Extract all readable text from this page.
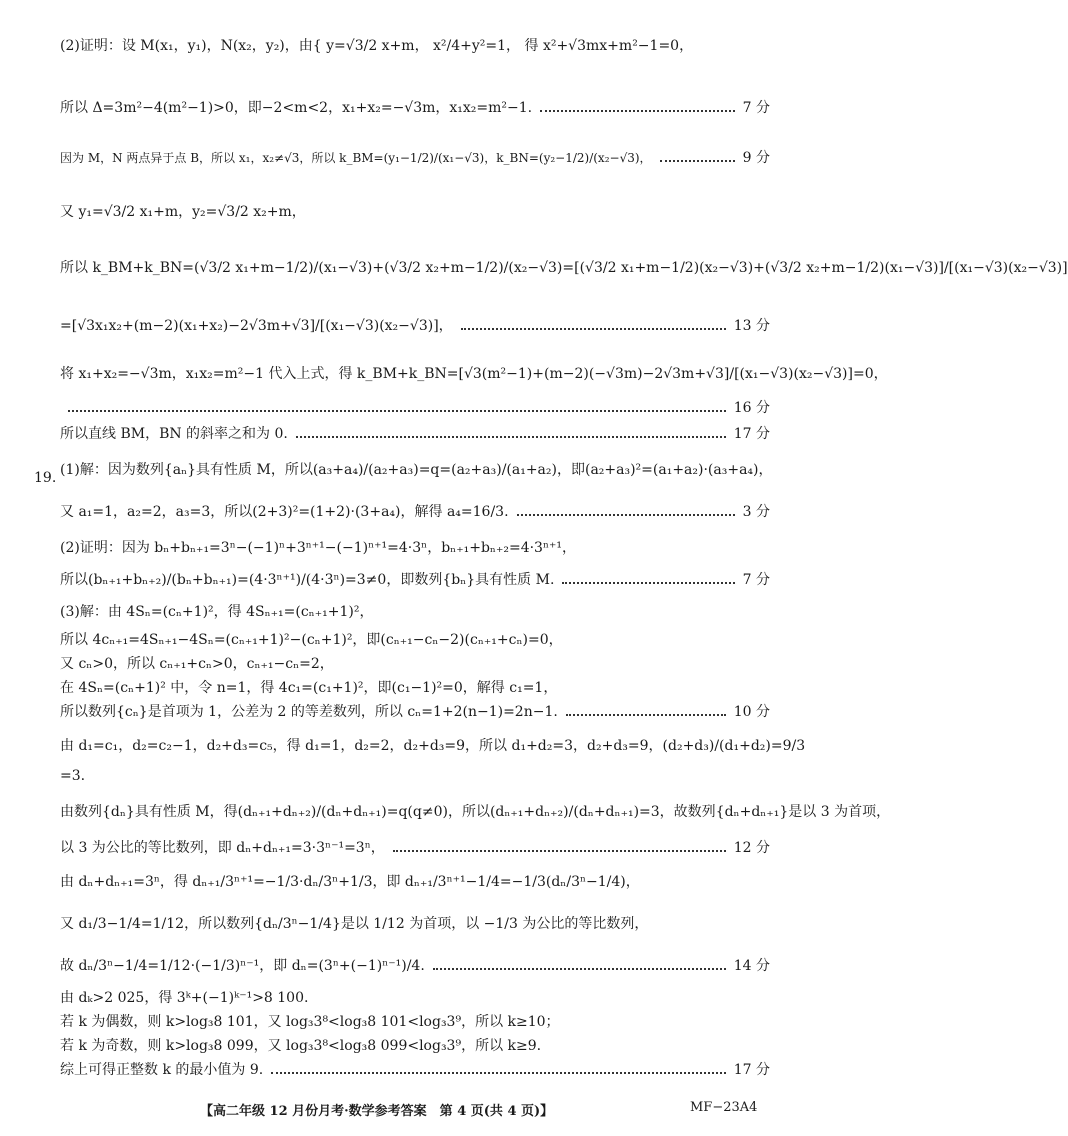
(2)证明：设 M(x₁，y₁)，N(x₂，y₂)，由{ y=√3/2 x+m， x²/4+y²=1， 得 x²+√3mx+m²−1=0，
所以 Δ=3m²−4(m²−1)>0，即−2<m<2，x₁+x₂=−√3m，x₁x₂=m²−1.	7 分
因为 M，N 两点异于点 B，所以 x₁，x₂≠√3，所以 k_BM=(y₁−1/2)/(x₁−√3)，k_BN=(y₂−1/2)/(x₂−√3)，	9 分
又 y₁=√3/2 x₁+m，y₂=√3/2 x₂+m，
所以 k_BM+k_BN=(√3/2 x₁+m−1/2)/(x₁−√3)+(√3/2 x₂+m−1/2)/(x₂−√3)=[(√3/2 x₁+m−1/2)(x₂−√3)+(√3/2 x₂+m−1/2)(x₁−√3)]/[(x₁−√3)(x₂−√3)]
=[√3x₁x₂+(m−2)(x₁+x₂)−2√3m+√3]/[(x₁−√3)(x₂−√3)]，	13 分
将 x₁+x₂=−√3m，x₁x₂=m²−1 代入上式，得 k_BM+k_BN=[√3(m²−1)+(m−2)(−√3m)−2√3m+√3]/[(x₁−√3)(x₂−√3)]=0，
16 分
所以直线 BM，BN 的斜率之和为 0.	17 分
(1)解：因为数列{aₙ}具有性质 M，所以(a₃+a₄)/(a₂+a₃)=q=(a₂+a₃)/(a₁+a₂)，即(a₂+a₃)²=(a₁+a₂)·(a₃+a₄)，
又 a₁=1，a₂=2，a₃=3，所以(2+3)²=(1+2)·(3+a₄)，解得 a₄=16/3.	3 分
(2)证明：因为 bₙ+bₙ₊₁=3ⁿ−(−1)ⁿ+3ⁿ⁺¹−(−1)ⁿ⁺¹=4·3ⁿ，bₙ₊₁+bₙ₊₂=4·3ⁿ⁺¹，
所以(bₙ₊₁+bₙ₊₂)/(bₙ+bₙ₊₁)=(4·3ⁿ⁺¹)/(4·3ⁿ)=3≠0，即数列{bₙ}具有性质 M.	7 分
(3)解：由 4Sₙ=(cₙ+1)²，得 4Sₙ₊₁=(cₙ₊₁+1)²，
所以 4cₙ₊₁=4Sₙ₊₁−4Sₙ=(cₙ₊₁+1)²−(cₙ+1)²，即(cₙ₊₁−cₙ−2)(cₙ₊₁+cₙ)=0，
又 cₙ>0，所以 cₙ₊₁+cₙ>0，cₙ₊₁−cₙ=2，
在 4Sₙ=(cₙ+1)² 中，令 n=1，得 4c₁=(c₁+1)²，即(c₁−1)²=0，解得 c₁=1，
所以数列{cₙ}是首项为 1，公差为 2 的等差数列，所以 cₙ=1+2(n−1)=2n−1.	10 分
由 d₁=c₁，d₂=c₂−1，d₂+d₃=c₅，得 d₁=1，d₂=2，d₂+d₃=9，所以 d₁+d₂=3，d₂+d₃=9，(d₂+d₃)/(d₁+d₂)=9/3
=3.
由数列{dₙ}具有性质 M，得(dₙ₊₁+dₙ₊₂)/(dₙ+dₙ₊₁)=q(q≠0)，所以(dₙ₊₁+dₙ₊₂)/(dₙ+dₙ₊₁)=3，故数列{dₙ+dₙ₊₁}是以 3 为首项，
以 3 为公比的等比数列，即 dₙ+dₙ₊₁=3·3ⁿ⁻¹=3ⁿ，	12 分
由 dₙ+dₙ₊₁=3ⁿ，得 dₙ₊₁/3ⁿ⁺¹=−1/3·dₙ/3ⁿ+1/3，即 dₙ₊₁/3ⁿ⁺¹−1/4=−1/3(dₙ/3ⁿ−1/4)，
又 d₁/3−1/4=1/12，所以数列{dₙ/3ⁿ−1/4}是以 1/12 为首项，以 −1/3 为公比的等比数列，
故 dₙ/3ⁿ−1/4=1/12·(−1/3)ⁿ⁻¹，即 dₙ=(3ⁿ+(−1)ⁿ⁻¹)/4.	14 分
由 dₖ>2 025，得 3ᵏ+(−1)ᵏ⁻¹>8 100.
若 k 为偶数，则 k>log₃8 101，又 log₃3⁸<log₃8 101<log₃3⁹，所以 k≥10；
若 k 为奇数，则 k>log₃8 099，又 log₃3⁸<log₃8 099<log₃3⁹，所以 k≥9.
综上可得正整数 k 的最小值为 9.	17 分
19.
【高二年级 12 月份月考·数学参考答案　第 4 页(共 4 页)】	MF−23A4
